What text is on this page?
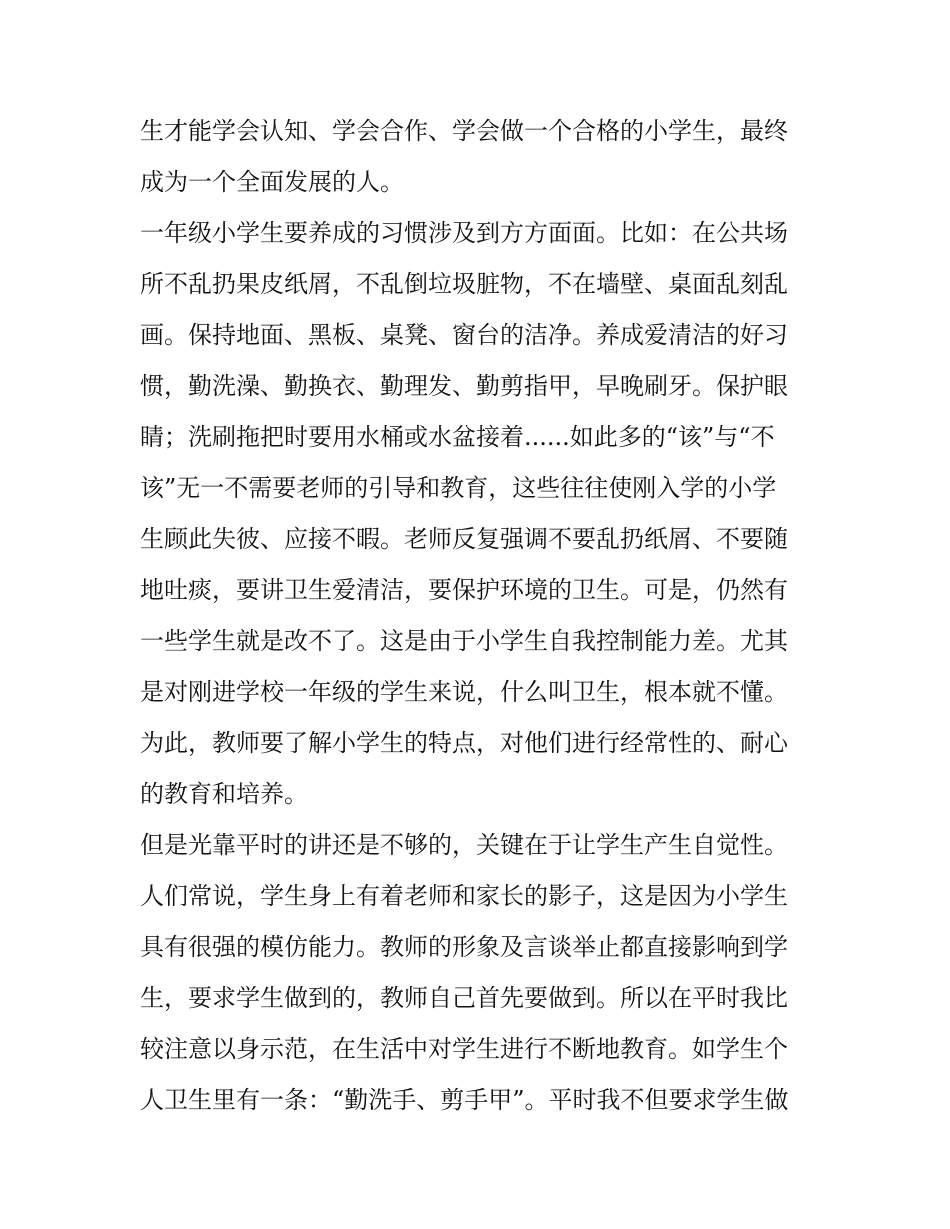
生才能学会认知、学会合作、学会做一个合格的小学生，最终
成为一个全面发展的人。
一年级小学生要养成的习惯涉及到方方面面。比如：在公共场
所不乱扔果皮纸屑，不乱倒垃圾脏物，不在墙壁、桌面乱刻乱
画。保持地面、黑板、桌凳、窗台的洁净。养成爱清洁的好习
惯，勤洗澡、勤换衣、勤理发、勤剪指甲，早晚刷牙。保护眼
睛；洗刷拖把时要用水桶或水盆接着......如此多的“该”与“不
该”无一不需要老师的引导和教育，这些往往使刚入学的小学
生顾此失彼、应接不暇。老师反复强调不要乱扔纸屑、不要随
地吐痰，要讲卫生爱清洁，要保护环境的卫生。可是，仍然有
一些学生就是改不了。这是由于小学生自我控制能力差。尤其
是对刚进学校一年级的学生来说，什么叫卫生，根本就不懂。
为此，教师要了解小学生的特点，对他们进行经常性的、耐心
的教育和培养。
但是光靠平时的讲还是不够的，关键在于让学生产生自觉性。
人们常说，学生身上有着老师和家长的影子，这是因为小学生
具有很强的模仿能力。教师的形象及言谈举止都直接影响到学
生，要求学生做到的，教师自己首先要做到。所以在平时我比
较注意以身示范，在生活中对学生进行不断地教育。如学生个
人卫生里有一条：“勤洗手、剪手甲”。平时我不但要求学生做
